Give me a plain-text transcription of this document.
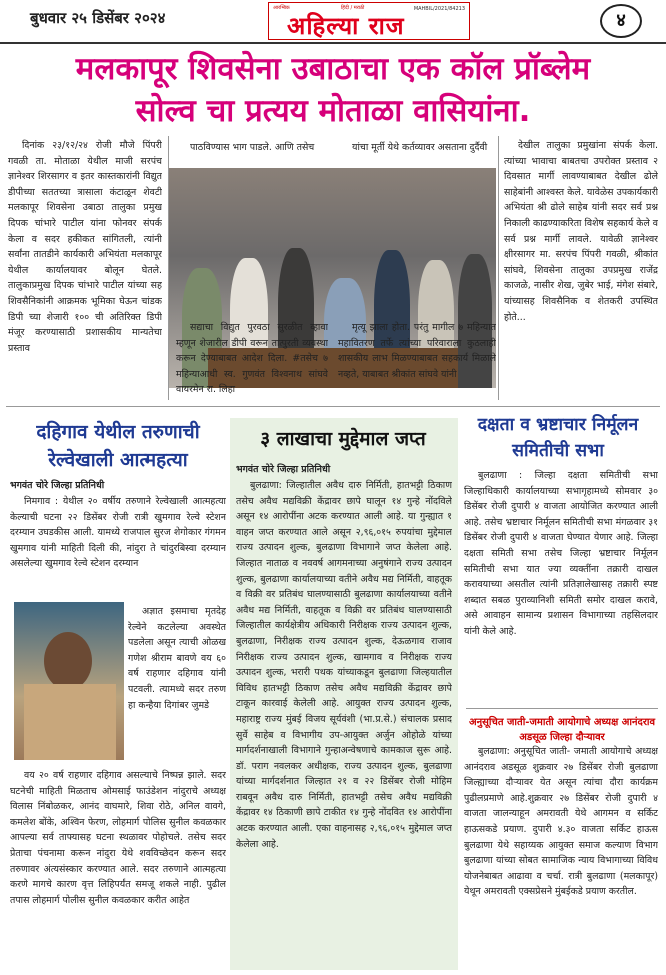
बुधवार २५ डिसेंबर २०२४
आरम्बिक	हिंदी / मराठी	MAHBIL/2021/84213
अहिल्या राज	४
मलकापूर शिवसेना उबाठाचा एक कॉल प्रॉब्लेम
सोल्व चा प्रत्यय मोताळा वासियांना.

दिनांक २३/१२/२४ रोजी मौजे पिंपरी गवळी ता. मोताळा येथील माजी सरपंच ज्ञानेश्वर शिरसागर व इतर कास्तकारांनी विद्युत डीपीच्या सततच्या त्रासाला कंटाळून शेवटी मलकापूर शिवसेना उबाठा तालुका प्रमुख दिपक चांभारे पाटील यांना फोनवर संपर्क केला व सदर हकीकत सांगितली, त्यांनी सर्वांना तातडीने कार्यकारी अभियंता मलकापूर येथील कार्यालयावर बोलून घेतले. तालुकाप्रमुख दिपक चांभारे पाटील यांच्या सह शिवसैनिकांनी आक्रमक भूमिका घेऊन चांडक डिपी च्या शेजारी १०० ची अतिरिक्त डिपी मंजूर करण्यासाठी प्रशासकीय मान्यतेचा प्रस्ताव

पाठविण्यास भाग पाडले. आणि तसेच	यांचा मूर्ती येथे कर्तव्यावर असताना दुर्दैवी

सद्याचा विद्युत पुरवठा सुरळीत व्हावा म्हणून शेजारील डीपी वरून तात्पुरती व्यवस्था करून देण्याबाबत आदेश दिला. #तसेच ७ महिन्याआधी स्व. गुणवंत विश्वनाथ सांघवे वायरमेन रा. लिहा

मृत्यू झाला होता. परंतु मागील ७ महिन्यात महावितरण तर्फे त्यांच्या परिवाराला कुठलाही शासकीय लाभ मिळण्याबाबत सहकार्य मिळाले नव्हते, याबाबत श्रीकांत सांघवे यांनी

देखील तालुका प्रमुखांना संपर्क केला. त्यांच्या भावाचा बाबतचा उपरोक्त प्रस्ताव २ दिवसात मार्गी लावण्याबाबत देखील ढोले साहेबांनी आश्वस्त केले. यावेळेस उपकार्यकारी अभियंता श्री ढोले साहेब यांनी सदर सर्व प्रश्न निकाली काढण्याकरिता विशेष सहकार्य केले व सर्व प्रश्न मार्गी लावले. यावेळी ज्ञानेश्वर क्षीरसागर मा. सरपंच पिंपरी गवळी, श्रीकांत सांघवे, शिवसेना तालुका उपप्रमुख राजेंद्र काजळे, नासीर शेख, जुबेर भाई, मंगेश संबारे, यांच्यासह शिवसैनिक व शेतकरी उपस्थित होते...

दहिगाव येथील तरुणाची रेल्वेखाली आत्महत्या
भगवंत चोरे जिल्हा प्रतिनिधी

निमगाव : येथील २० वर्षीय तरुणाने रेल्वेखाली आत्महत्या केल्याची घटना २२ डिसेंबर रोजी रात्री खुमगाव रेल्वे स्टेशन दरम्यान उघडकीस आली. यामध्ये राजपाल सुरज शेगोकार गंगमन खुमगाव यांनी माहिती दिली की, नांदुरा ते चांदुरबिस्वा दरम्यान असलेल्या खुमगाव रेल्वे स्टेशन दरम्यान

अज्ञात इसमाचा मृतदेह रेल्वेने कटलेल्या अवस्थेत पडलेला असून त्याची ओळख गणेश श्रीराम बावणे वय ६० वर्ष राहणार दहिगाव यांनी पटवली. त्यामध्ये सदर तरुण हा कन्हैया दिगांबर जुमडे

वय २० वर्ष राहणार दहिगाव असल्याचे निष्पन्न झाले. सदर घटनेची माहिती मिळताच ओमसाई फाउंडेशन नांदुराचे अध्यक्ष विलास निंबोळकर, आनंद वाघमारे, शिवा रोठे, अनिल वावगे, कमलेश बोंके, अश्विन फेरण, लोहमार्ग पोलिस सुनील कवळकार आपल्या सर्व ताफ्यासह घटना स्थळावर पोहोचले. तसेच सदर प्रेताचा पंचनामा करून नांदुरा येथे शवविच्छेदन करून सदर तरुणावर अंत्यसंस्कार करण्यात आले. सदर तरुणाने आत्महत्या करणे मागचे कारण वृत्त लिहिपर्यंत समजू शकले नाही. पुढील तपास लोहमार्ग पोलीस सुनील कवळकार करीत आहेत

३ लाखाचा मुद्देमाल जप्त
भगवंत चोरे जिल्हा प्रतिनिधी

बुलढाणा: जिल्हातील अवैध दारु निर्मिती, हातभट्टी ठिकाण तसेच अवैध मद्यविक्री केंद्रावर छापे घालून १४ गुन्हे नोंदविले असून १४ आरोपींना अटक करण्यात आली आहे. या गुन्ह्यात १ वाहन जप्त करण्यात आले असून २,९६,०१५ रुपयांचा मुद्देमाल राज्य उत्पादन शुल्क, बुलढाणा विभागाने जप्त केलेला आहे. जिल्हात नाताळ व नववर्ष आगमनाच्या अनुषंगाने राज्य उत्पादन शुल्क, बुलढाणा कार्यालयाच्या वतीने अवैध मद्य निर्मिती, वाहतूक व विक्री वर प्रतिबंध घालण्यासाठी बुलढाणा कार्यालयाच्या वतीने अवैध मद्य निर्मिती, वाहतूक व विक्री वर प्रतिबंध घालण्यासाठी जिल्हातील कार्यक्षेत्रीय अधिकारी निरीक्षक राज्य उत्पादन शुल्क, बुलढाणा, निरीक्षक राज्य उत्पादन शुल्क, देऊळगाव राजाव निरीक्षक राज्य उत्पादन शुल्क, खामगाव व निरीक्षक राज्य उत्पादन शुल्क, भरारी पथक यांच्याकडून बुलढाणा जिल्हयातील विविध हातभट्टी ठिकाण तसेच अवैध मद्यविक्री केंद्रावर छापे टाकून कारवाई केलेली आहे. आयुक्त राज्य उत्पादन शुल्क, महाराष्ट्र राज्य मुंबई विजय सूर्यवंशी (भा.प्र.से.) संचालक प्रसाद सुर्वे साहेब व विभागीय उप-आयुक्त अर्जुन ओहोळे यांच्या मार्गदर्शनाखाली विभागाने गुन्हाअन्वेषणाचे कामकाज सुरू आहे. डॉ. पराग नवलकर अधीक्षक, राज्य उत्पादन शुल्क, बुलढाणा यांच्या मार्गदर्शनात जिल्हात २१ व २२ डिसेंबर रोजी मोहिम राबवून अवैध दारु निर्मिती, हातभट्टी तसेच अवैध मद्यविक्री केंद्रावर १४ ठिकाणी छापे टाकीत १४ गुन्हे नोंदवित १४ आरोपींना अटक करण्यात आली. एका वाहनासह २,९६,०१५ मुद्देमाल जप्त केलेला आहे.

दक्षता व भ्रष्टाचार निर्मूलन समितीची सभा

बुलढाणा : जिल्हा दक्षता समितीची सभा जिल्हाधिकारी कार्यालयाच्या सभागृहामध्ये सोमवार ३० डिसेंबर रोजी दुपारी ४ वाजता आयोजित करण्यात आली आहे. तसेच भ्रष्टाचार निर्मूलन समितीची सभा मंगळवार ३१ डिसेंबर रोजी दुपारी ४ वाजता घेण्यात येणार आहे. जिल्हा दक्षता समिती सभा तसेच जिल्हा भ्रष्टाचार निर्मूलन समितीची सभा यात ज्या व्यक्तींना तक्रारी दाखल करावयाच्या असतील त्यांनी प्रतिज्ञालेखासह तक्रारी स्पष्ट शब्दात सबळ पुराव्यानिशी समिती समोर दाखल करावे, असे आवाहन सामान्य प्रशासन विभागाच्या तहसिलदार यांनी केले आहे.

अनुसूचित जाती-जमाती आयोगाचे अध्यक्ष आनंदराव अडसूळ जिल्हा दौऱ्यावर

बुलढाणा: अनुसूचित जाती- जमाती आयोगाचे अध्यक्ष आनंदराव अडसूळ शुक्रवार २७ डिसेंबर रोजी बुलढाणा जिल्ह्याच्या दौऱ्यावर येत असून त्यांचा दौरा कार्यक्रम पुढीलप्रमाणे आहे.शुक्रवार २७ डिसेंबर रोजी दुपारी ४ वाजता जालन्याहून अमरावती येथे आगमन व सर्किट हाऊसकडे प्रयाण. दुपारी ४.३० वाजता सर्किट हाऊस बुलढाणा येथे सहाय्यक आयुक्त समाज कल्याण विभाग बुलढाणा यांच्या सोबत सामाजिक न्याय विभागाच्या विविध योजनेबाबत आढावा व चर्चा. रात्री बुलढाणा (मलकापूर) येथून अमरावती एक्सप्रेसने मुंबईकडे प्रयाण करतील.
